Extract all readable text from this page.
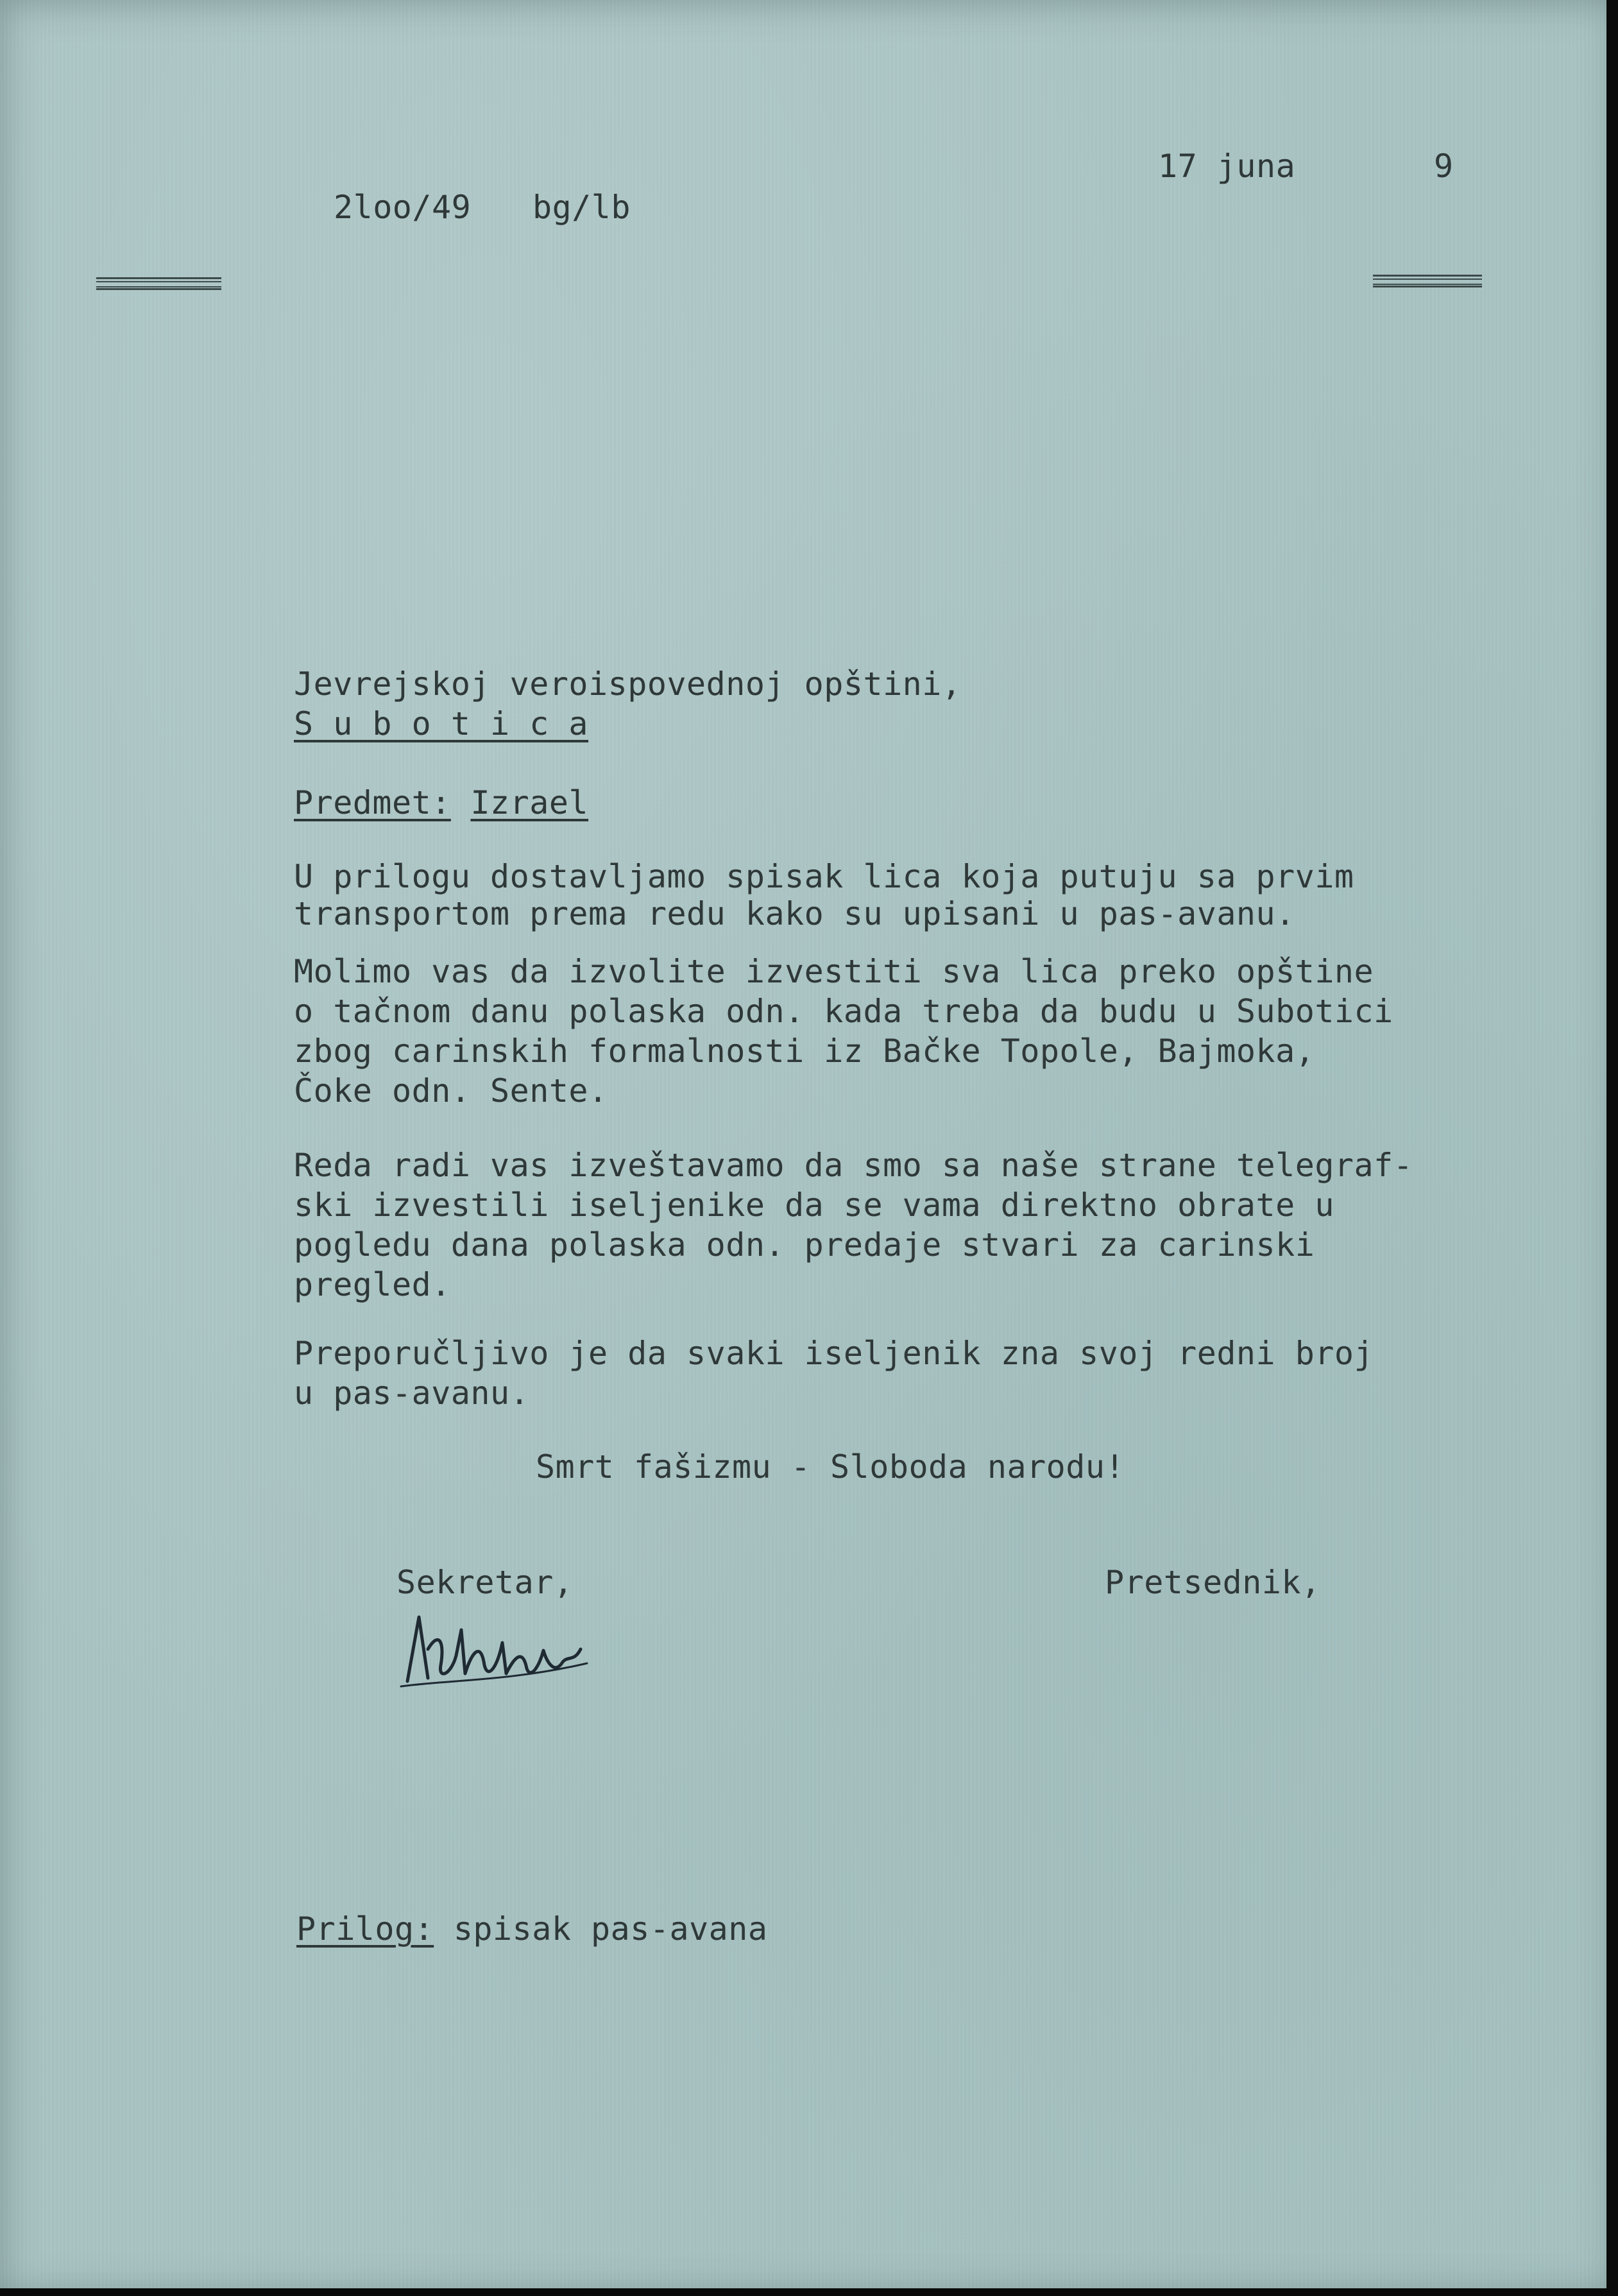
2loo/49 bg/lb
17 juna	9
Jevrejskoj veroispovednoj opštini,
S u b o t i c a
Predmet: Izrael
U prilogu dostavljamo spisak lica koja putuju sa prvim
transportom prema redu kako su upisani u pas-avanu.
Molimo vas da izvolite izvestiti sva lica preko opštine
o tačnom danu polaska odn. kada treba da budu u Subotici
zbog carinskih formalnosti iz Bačke Topole, Bajmoka,
Čoke odn. Sente.
Reda radi vas izveštavamo da smo sa naše strane telegraf-
ski izvestili iseljenike da se vama direktno obrate u
pogledu dana polaska odn. predaje stvari za carinski
pregled.
Preporučljivo je da svaki iseljenik zna svoj redni broj
u pas-avanu.
Smrt fašizmu - Sloboda narodu!
Sekretar,	Pretsednik,
Prilog: spisak pas-avana
